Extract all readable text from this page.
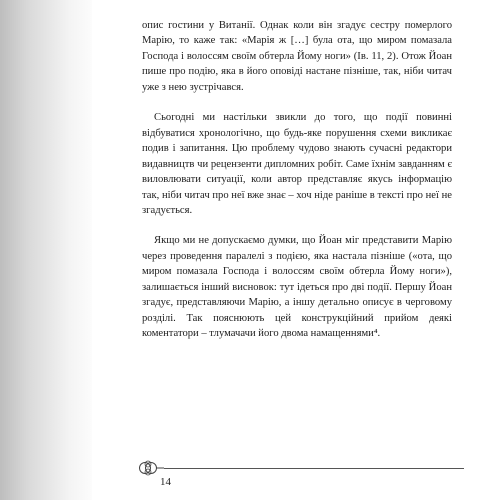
опис гостини у Витанії. Однак коли він згадує сестру померлого Марію, то каже так: «Марія ж […] була ота, що миром помазала Господа і волоссям своїм обтерла Йому ноги» (Ів. 11, 2). Отож Йоан пише про подію, яка в його оповіді настане пізніше, так, ніби читач уже з нею зустрічався.

Сьогодні ми настільки звикли до того, що події повинні відбуватися хронологічно, що будь-яке порушення схеми викликає подив і запитання. Цю проблему чудово знають сучасні редактори видавництв чи рецензенти дипломних робіт. Саме їхнім завданням є виловлювати ситуації, коли автор представляє якусь інформацію так, ніби читач про неї вже знає – хоч ніде раніше в тексті про неї не згадується.

Якщо ми не допускаємо думки, що Йоан міг представити Марію через проведення паралелі з подією, яка настала пізніше («ота, що миром помазала Господа і волоссям своїм обтерла Йому ноги»), залишається інший висновок: тут ідеться про дві події. Першу Йоан згадує, представляючи Марію, а іншу детально описує в черговому розділі. Так пояснюють цей конструкційний прийом деякі коментатори – тлумачачи його двома намащеннями⁴.

14
